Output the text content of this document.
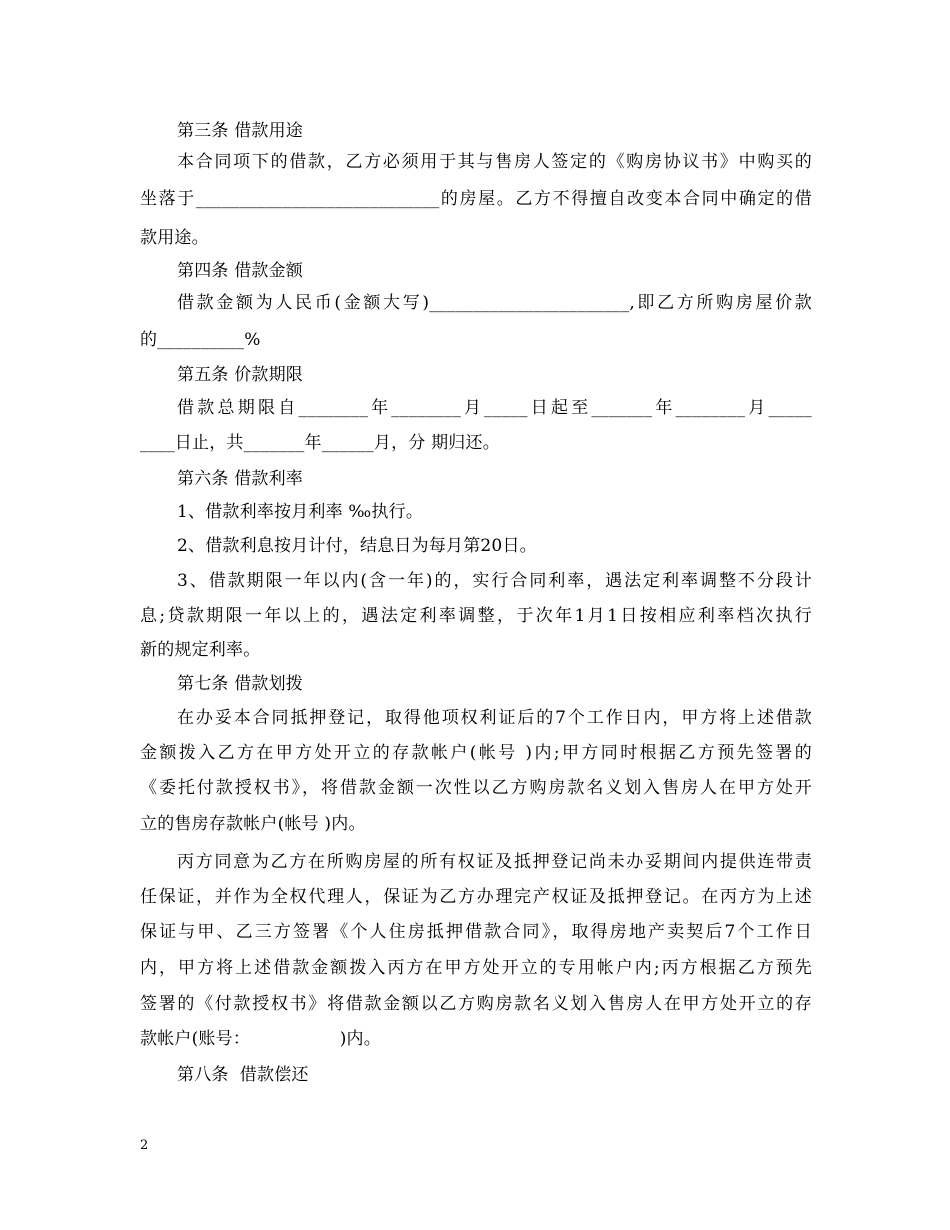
第三条 借款用途
本合同项下的借款，乙方必须用于其与售房人签定的《购房协议书》中购买的
坐落于____________________________的房屋。乙方不得擅自改变本合同中确定的借
款用途。
第四条 借款金额
借款金额为人民币(金额大写)_______________________,即乙方所购房屋价款
的__________%
第五条 价款期限
借款总期限自________年________月_____日起至_______年________月_____
____日止，共_______年______月，分 期归还。
第六条 借款利率
1、借款利率按月利率 ‰执行。
2、借款利息按月计付，结息日为每月第20日。
3、借款期限一年以内(含一年)的，实行合同利率，遇法定利率调整不分段计
息;贷款期限一年以上的，遇法定利率调整，于次年1月1日按相应利率档次执行
新的规定利率。
第七条 借款划拨
在办妥本合同抵押登记，取得他项权利证后的7个工作日内，甲方将上述借款
金额拨入乙方在甲方处开立的存款帐户(帐号 )内;甲方同时根据乙方预先签署的
《委托付款授权书》，将借款金额一次性以乙方购房款名义划入售房人在甲方处开
立的售房存款帐户(帐号 )内。
丙方同意为乙方在所购房屋的所有权证及抵押登记尚未办妥期间内提供连带责
任保证，并作为全权代理人，保证为乙方办理完产权证及抵押登记。在丙方为上述
保证与甲、乙三方签署《个人住房抵押借款合同》，取得房地产卖契后7个工作日
内，甲方将上述借款金额拨入丙方在甲方处开立的专用帐户内;丙方根据乙方预先
签署的《付款授权书》将借款金额以乙方购房款名义划入售房人在甲方处开立的存
款帐户(账号：                )内。
第八条  借款偿还
2
